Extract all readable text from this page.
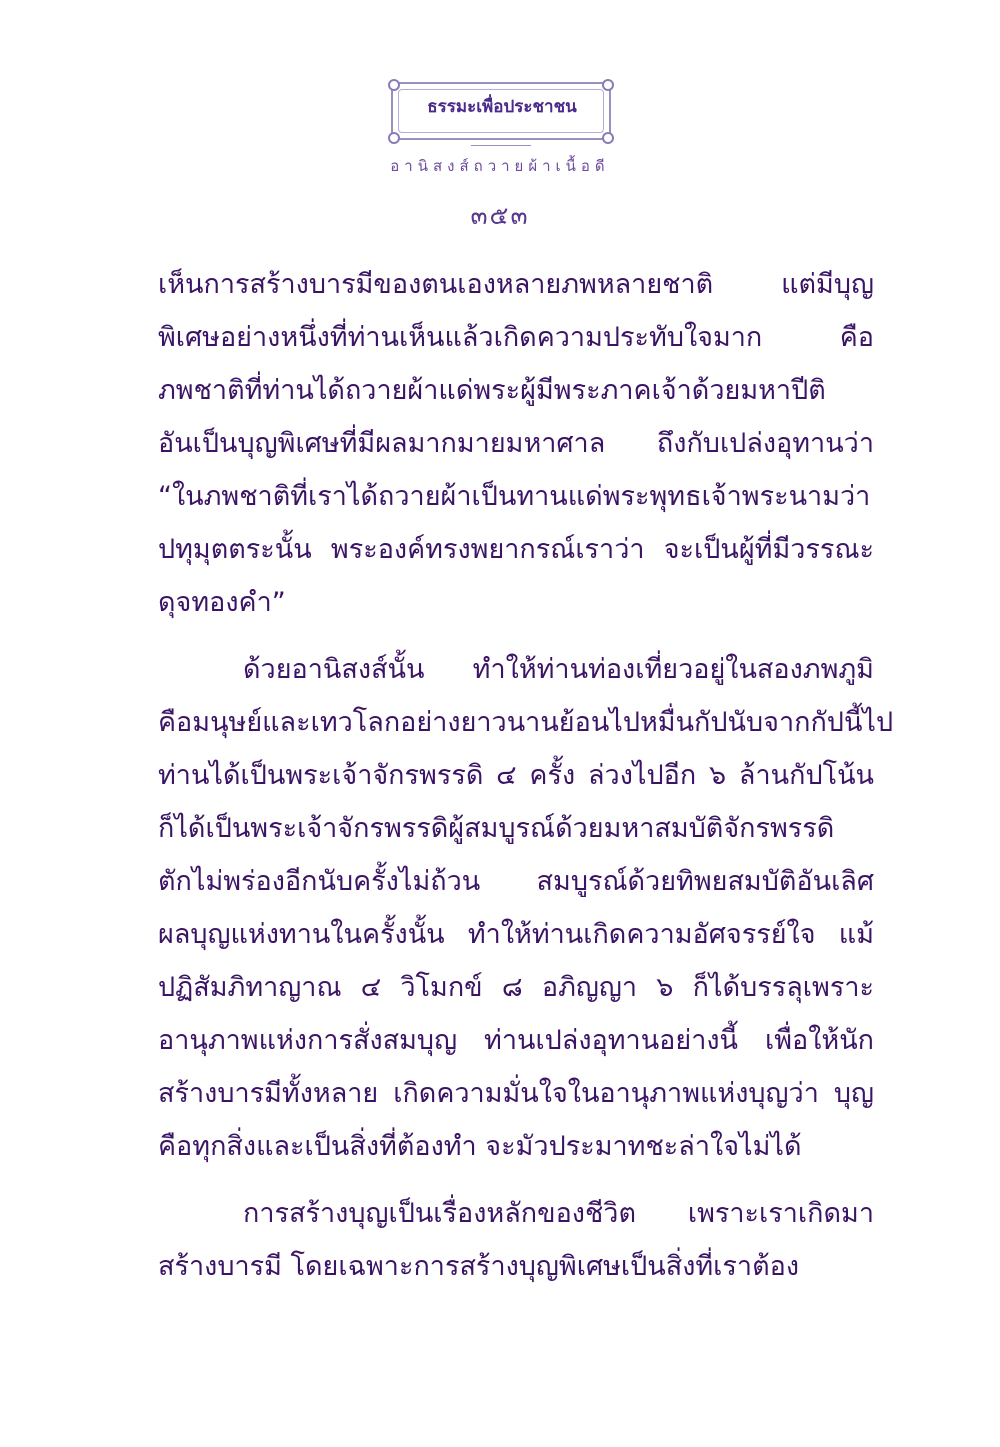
ธรรมะเพื่อประชาชน
อานิสงส์ถวายผ้าเนื้อดี
๓๕๓
เห็นการสร้างบารมีของตนเองหลายภพหลายชาติ แต่มีบุญ
พิเศษอย่างหนึ่งที่ท่านเห็นแล้วเกิดความประทับใจมาก คือ
ภพชาติที่ท่านได้ถวายผ้าแด่พระผู้มีพระภาคเจ้าด้วยมหาปีติ
อันเป็นบุญพิเศษที่มีผลมากมายมหาศาล ถึงกับเปล่งอุทานว่า
“ในภพชาติที่เราได้ถวายผ้าเป็นทานแด่พระพุทธเจ้าพระนามว่า
ปทุมุตตระนั้น พระองค์ทรงพยากรณ์เราว่า จะเป็นผู้ที่มีวรรณะ
ดุจทองคำ”
ด้วยอานิสงส์นั้น ทำให้ท่านท่องเที่ยวอยู่ในสองภพภูมิ
คือมนุษย์และเทวโลกอย่างยาวนานย้อนไปหมื่นกัปนับจากกัปนี้ไป
ท่านได้เป็นพระเจ้าจักรพรรดิ ๔ ครั้ง ล่วงไปอีก ๖ ล้านกัปโน้น
ก็ได้เป็นพระเจ้าจักรพรรดิผู้สมบูรณ์ด้วยมหาสมบัติจักรพรรดิ
ตักไม่พร่องอีกนับครั้งไม่ถ้วน สมบูรณ์ด้วยทิพยสมบัติอันเลิศ
ผลบุญแห่งทานในครั้งนั้น ทำให้ท่านเกิดความอัศจรรย์ใจ แม้
ปฏิสัมภิทาญาณ ๔ วิโมกข์ ๘ อภิญญา ๖ ก็ได้บรรลุเพราะ
อานุภาพแห่งการสั่งสมบุญ ท่านเปล่งอุทานอย่างนี้ เพื่อให้นัก
สร้างบารมีทั้งหลาย เกิดความมั่นใจในอานุภาพแห่งบุญว่า บุญ
คือทุกสิ่งและเป็นสิ่งที่ต้องทำ จะมัวประมาทชะล่าใจไม่ได้
การสร้างบุญเป็นเรื่องหลักของชีวิต เพราะเราเกิดมา
สร้างบารมี โดยเฉพาะการสร้างบุญพิเศษเป็นสิ่งที่เราต้อง
